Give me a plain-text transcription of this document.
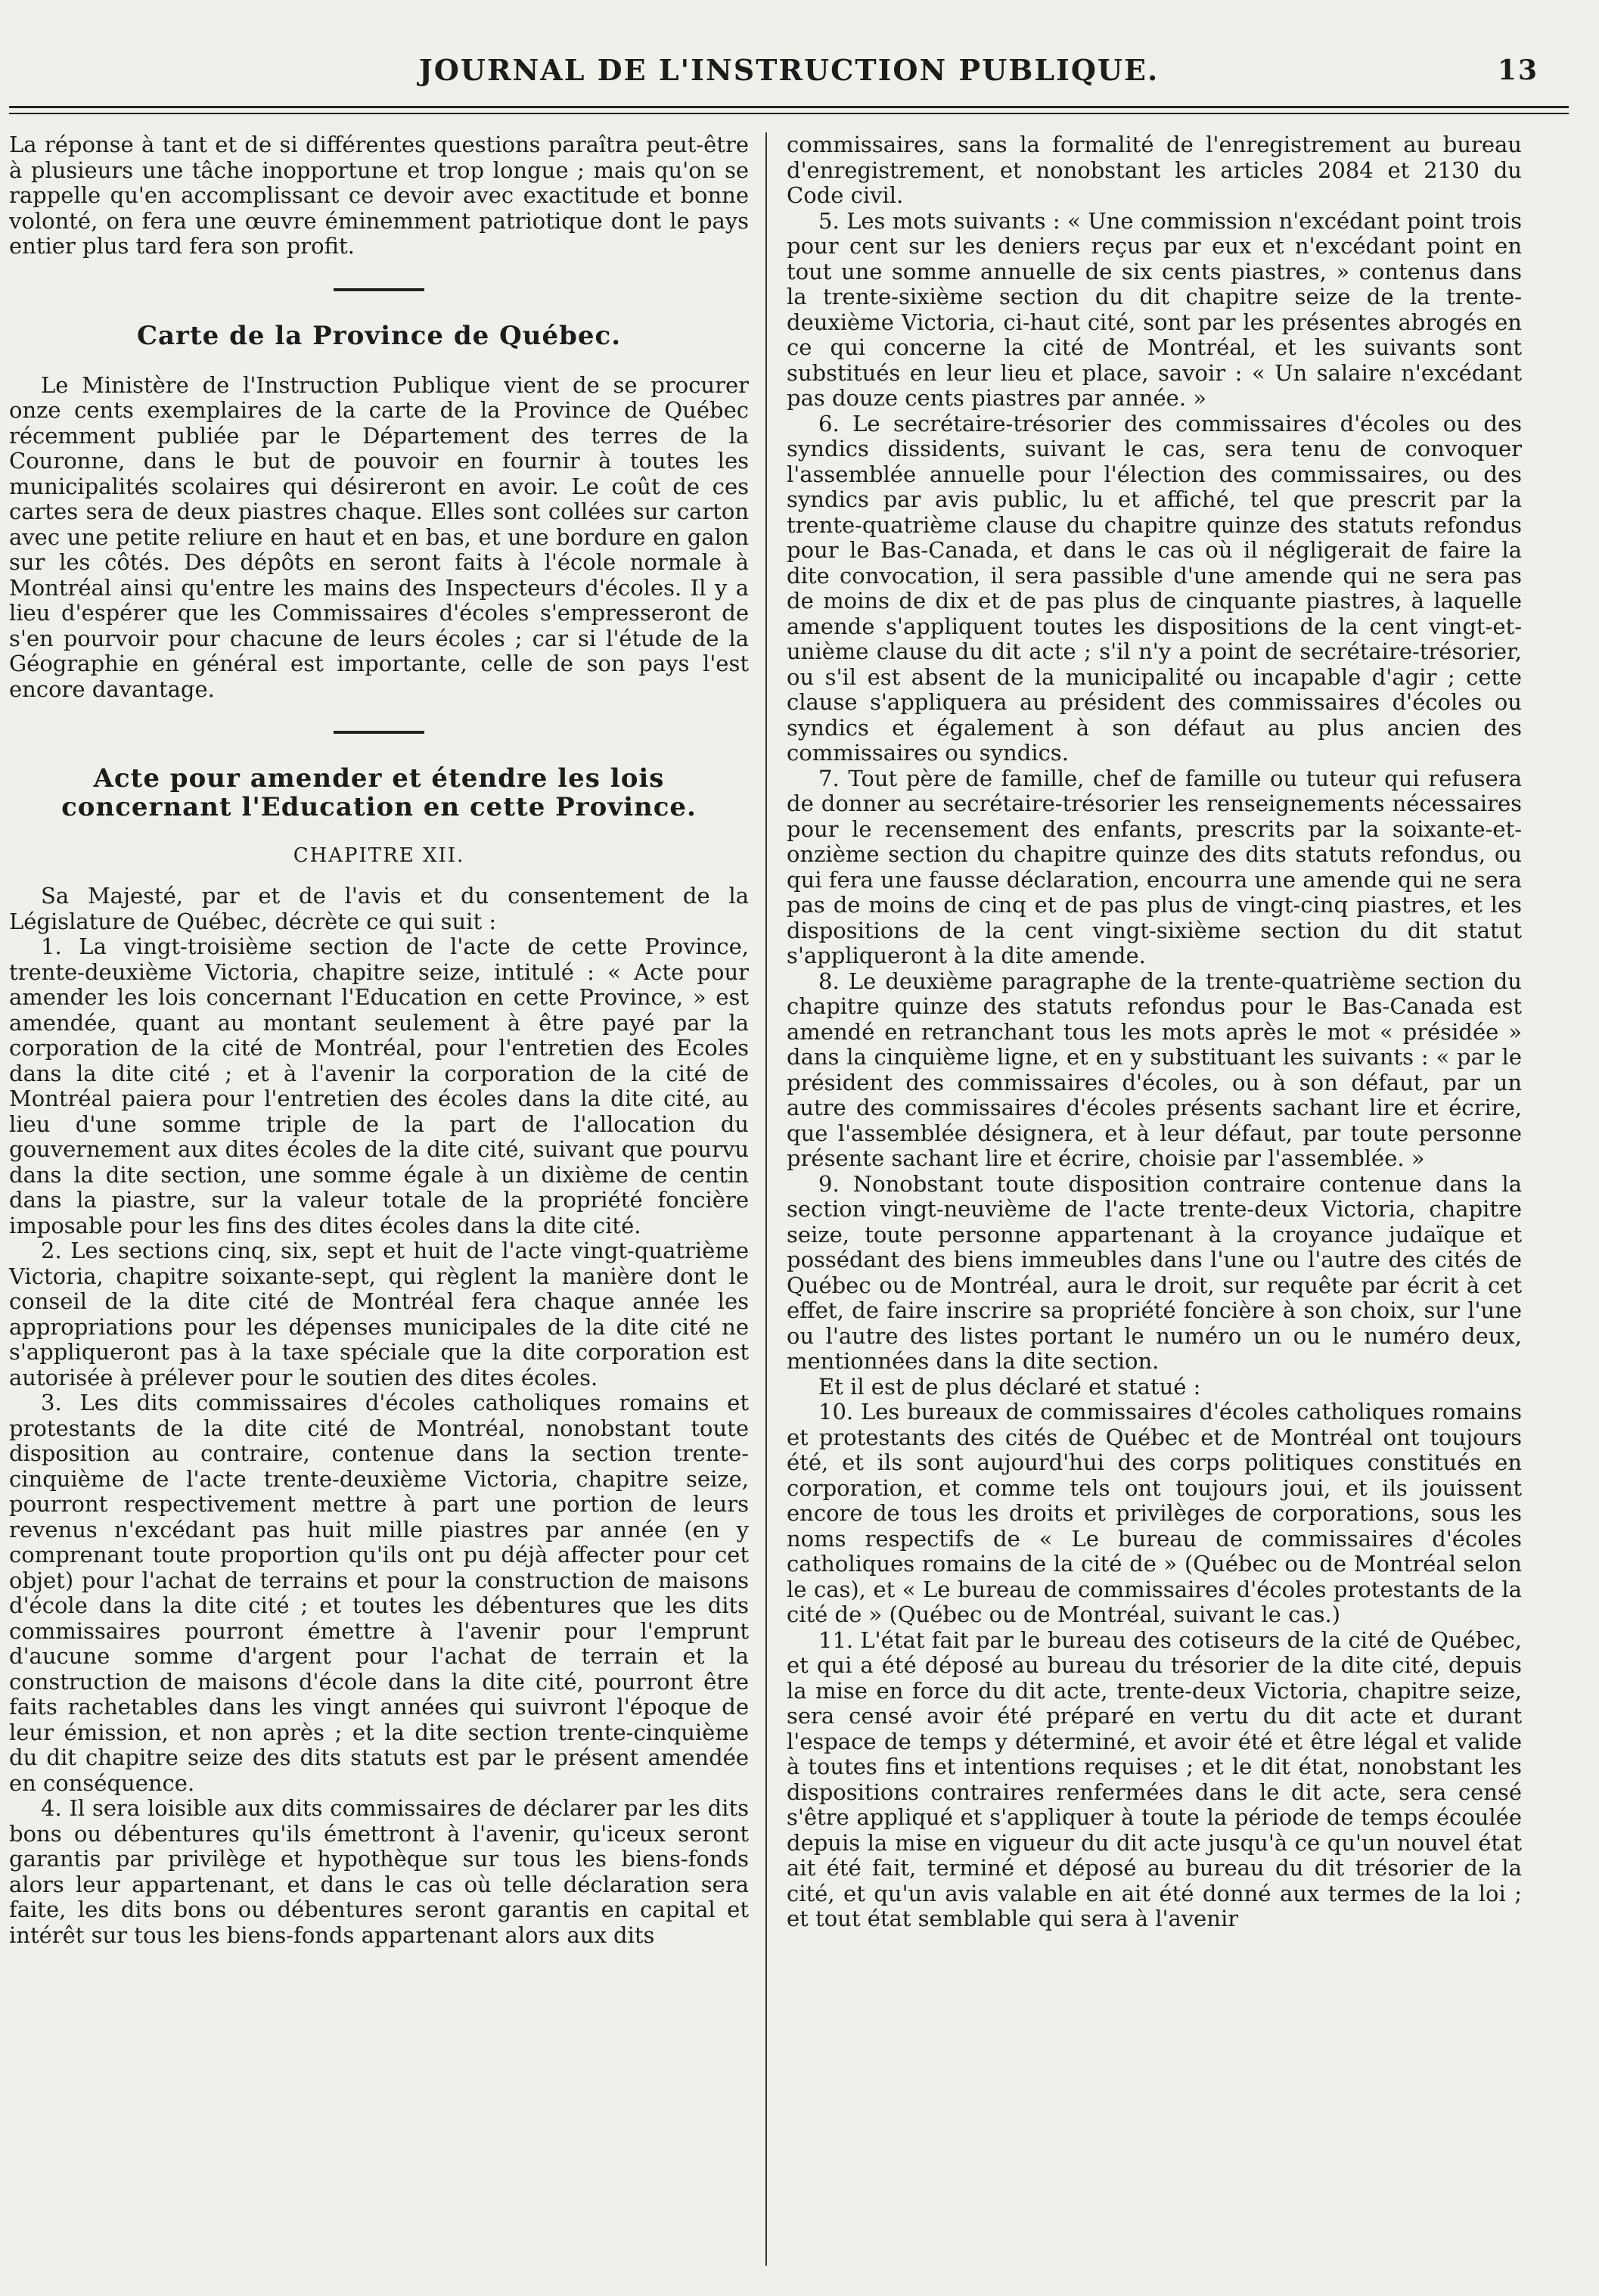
JOURNAL DE L'INSTRUCTION PUBLIQUE.	13

La réponse à tant et de si différentes questions paraîtra peut-être à plusieurs une tâche inopportune et trop longue ; mais qu'on se rappelle qu'en accomplissant ce devoir avec exactitude et bonne volonté, on fera une œuvre éminemment patriotique dont le pays entier plus tard fera son profit.

Carte de la Province de Québec.

Le Ministère de l'Instruction Publique vient de se procurer onze cents exemplaires de la carte de la Province de Québec récemment publiée par le Département des terres de la Couronne, dans le but de pouvoir en fournir à toutes les municipalités scolaires qui désireront en avoir. Le coût de ces cartes sera de deux piastres chaque. Elles sont collées sur carton avec une petite reliure en haut et en bas, et une bordure en galon sur les côtés. Des dépôts en seront faits à l'école normale à Montréal ainsi qu'entre les mains des Inspecteurs d'écoles. Il y a lieu d'espérer que les Commissaires d'écoles s'empresseront de s'en pourvoir pour chacune de leurs écoles ; car si l'étude de la Géographie en général est importante, celle de son pays l'est encore davantage.

Acte pour amender et étendre les lois concernant l'Education en cette Province.
CHAPITRE XII.

Sa Majesté, par et de l'avis et du consentement de la Législature de Québec, décrète ce qui suit :

1. La vingt-troisième section de l'acte de cette Province, trente-deuxième Victoria, chapitre seize, intitulé : « Acte pour amender les lois concernant l'Education en cette Province, » est amendée, quant au montant seulement à être payé par la corporation de la cité de Montréal, pour l'entretien des Ecoles dans la dite cité ; et à l'avenir la corporation de la cité de Montréal paiera pour l'entretien des écoles dans la dite cité, au lieu d'une somme triple de la part de l'allocation du gouvernement aux dites écoles de la dite cité, suivant que pourvu dans la dite section, une somme égale à un dixième de centin dans la piastre, sur la valeur totale de la propriété foncière imposable pour les fins des dites écoles dans la dite cité.

2. Les sections cinq, six, sept et huit de l'acte vingt-quatrième Victoria, chapitre soixante-sept, qui règlent la manière dont le conseil de la dite cité de Montréal fera chaque année les appropriations pour les dépenses municipales de la dite cité ne s'appliqueront pas à la taxe spéciale que la dite corporation est autorisée à prélever pour le soutien des dites écoles.

3. Les dits commissaires d'écoles catholiques romains et protestants de la dite cité de Montréal, nonobstant toute disposition au contraire, contenue dans la section trente-cinquième de l'acte trente-deuxième Victoria, chapitre seize, pourront respectivement mettre à part une portion de leurs revenus n'excédant pas huit mille piastres par année (en y comprenant toute proportion qu'ils ont pu déjà affecter pour cet objet) pour l'achat de terrains et pour la construction de maisons d'école dans la dite cité ; et toutes les débentures que les dits commissaires pourront émettre à l'avenir pour l'emprunt d'aucune somme d'argent pour l'achat de terrain et la construction de maisons d'école dans la dite cité, pourront être faits rachetables dans les vingt années qui suivront l'époque de leur émission, et non après ; et la dite section trente-cinquième du dit chapitre seize des dits statuts est par le présent amendée en conséquence.

4. Il sera loisible aux dits commissaires de déclarer par les dits bons ou débentures qu'ils émettront à l'avenir, qu'iceux seront garantis par privilège et hypothèque sur tous les biens-fonds alors leur appartenant, et dans le cas où telle déclaration sera faite, les dits bons ou débentures seront garantis en capital et intérêt sur tous les biens-fonds appartenant alors aux dits

commissaires, sans la formalité de l'enregistrement au bureau d'enregistrement, et nonobstant les articles 2084 et 2130 du Code civil.

5. Les mots suivants : « Une commission n'excédant point trois pour cent sur les deniers reçus par eux et n'excédant point en tout une somme annuelle de six cents piastres, » contenus dans la trente-sixième section du dit chapitre seize de la trente-deuxième Victoria, ci-haut cité, sont par les présentes abrogés en ce qui concerne la cité de Montréal, et les suivants sont substitués en leur lieu et place, savoir : « Un salaire n'excédant pas douze cents piastres par année. »

6. Le secrétaire-trésorier des commissaires d'écoles ou des syndics dissidents, suivant le cas, sera tenu de convoquer l'assemblée annuelle pour l'élection des commissaires, ou des syndics par avis public, lu et affiché, tel que prescrit par la trente-quatrième clause du chapitre quinze des statuts refondus pour le Bas-Canada, et dans le cas où il négligerait de faire la dite convocation, il sera passible d'une amende qui ne sera pas de moins de dix et de pas plus de cinquante piastres, à laquelle amende s'appliquent toutes les dispositions de la cent vingt-et-unième clause du dit acte ; s'il n'y a point de secrétaire-trésorier, ou s'il est absent de la municipalité ou incapable d'agir ; cette clause s'appliquera au président des commissaires d'écoles ou syndics et également à son défaut au plus ancien des commissaires ou syndics.

7. Tout père de famille, chef de famille ou tuteur qui refusera de donner au secrétaire-trésorier les renseignements nécessaires pour le recensement des enfants, prescrits par la soixante-et-onzième section du chapitre quinze des dits statuts refondus, ou qui fera une fausse déclaration, encourra une amende qui ne sera pas de moins de cinq et de pas plus de vingt-cinq piastres, et les dispositions de la cent vingt-sixième section du dit statut s'appliqueront à la dite amende.

8. Le deuxième paragraphe de la trente-quatrième section du chapitre quinze des statuts refondus pour le Bas-Canada est amendé en retranchant tous les mots après le mot « présidée » dans la cinquième ligne, et en y substituant les suivants : « par le président des commissaires d'écoles, ou à son défaut, par un autre des commissaires d'écoles présents sachant lire et écrire, que l'assemblée désignera, et à leur défaut, par toute personne présente sachant lire et écrire, choisie par l'assemblée. »

9. Nonobstant toute disposition contraire contenue dans la section vingt-neuvième de l'acte trente-deux Victoria, chapitre seize, toute personne appartenant à la croyance judaïque et possédant des biens immeubles dans l'une ou l'autre des cités de Québec ou de Montréal, aura le droit, sur requête par écrit à cet effet, de faire inscrire sa propriété foncière à son choix, sur l'une ou l'autre des listes portant le numéro un ou le numéro deux, mentionnées dans la dite section.

Et il est de plus déclaré et statué :

10. Les bureaux de commissaires d'écoles catholiques romains et protestants des cités de Québec et de Montréal ont toujours été, et ils sont aujourd'hui des corps politiques constitués en corporation, et comme tels ont toujours joui, et ils jouissent encore de tous les droits et privilèges de corporations, sous les noms respectifs de « Le bureau de commissaires d'écoles catholiques romains de la cité de » (Québec ou de Montréal selon le cas), et « Le bureau de commissaires d'écoles protestants de la cité de » (Québec ou de Montréal, suivant le cas.)

11. L'état fait par le bureau des cotiseurs de la cité de Québec, et qui a été déposé au bureau du trésorier de la dite cité, depuis la mise en force du dit acte, trente-deux Victoria, chapitre seize, sera censé avoir été préparé en vertu du dit acte et durant l'espace de temps y déterminé, et avoir été et être légal et valide à toutes fins et intentions requises ; et le dit état, nonobstant les dispositions contraires renfermées dans le dit acte, sera censé s'être appliqué et s'appliquer à toute la période de temps écoulée depuis la mise en vigueur du dit acte jusqu'à ce qu'un nouvel état ait été fait, terminé et déposé au bureau du dit trésorier de la cité, et qu'un avis valable en ait été donné aux termes de la loi ; et tout état semblable qui sera à l'avenir
